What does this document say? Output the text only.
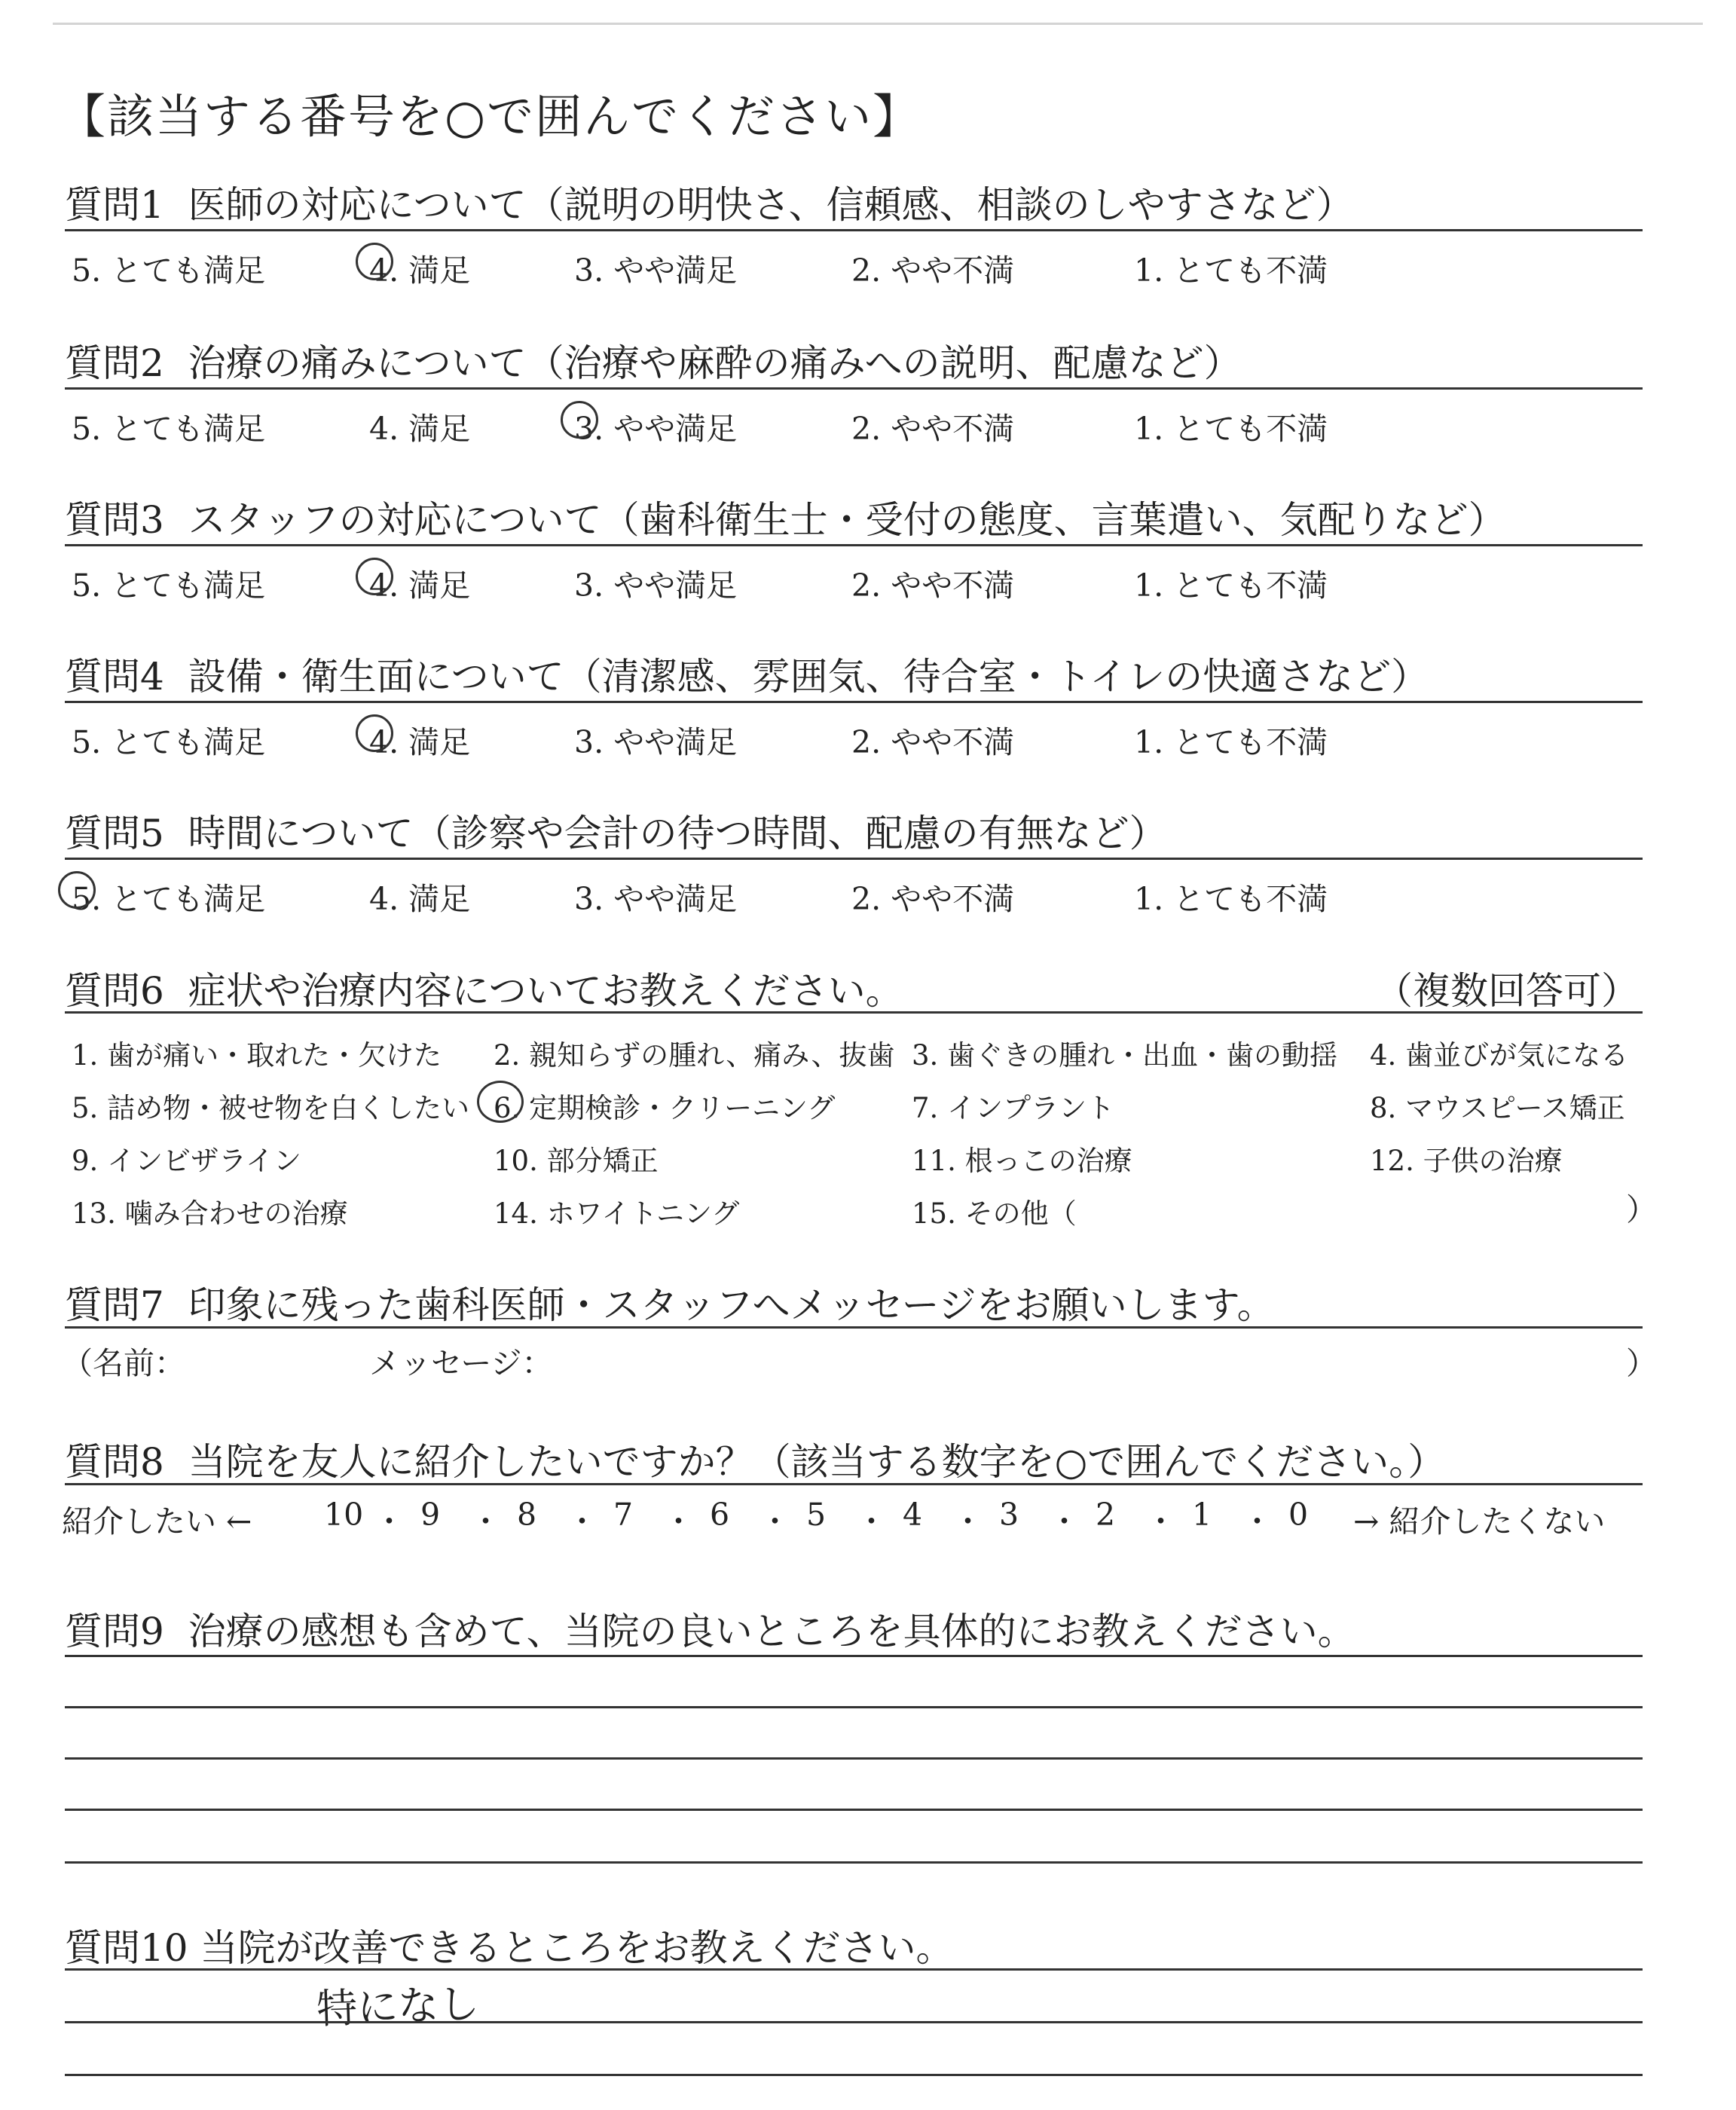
【該当する番号を○で囲んでください】
質問1 医師の対応について（説明の明快さ、信頼感、相談のしやすさなど）
5. とても満足	4. 満足	3. やや満足	2. やや不満	1. とても不満
質問2 治療の痛みについて（治療や麻酔の痛みへの説明、配慮など）
5. とても満足	4. 満足	3. やや満足	2. やや不満	1. とても不満
質問3 スタッフの対応について（歯科衛生士・受付の態度、言葉遣い、気配りなど）
5. とても満足	4. 満足	3. やや満足	2. やや不満	1. とても不満
質問4 設備・衛生面について（清潔感、雰囲気、待合室・トイレの快適さなど）
5. とても満足	4. 満足	3. やや満足	2. やや不満	1. とても不満
質問5 時間について（診察や会計の待つ時間、配慮の有無など）
5. とても満足	4. 満足	3. やや満足	2. やや不満	1. とても不満
質問6 症状や治療内容についてお教えください。	（複数回答可）
1. 歯が痛い・取れた・欠けた 2. 親知らずの腫れ、痛み、抜歯 3. 歯ぐきの腫れ・出血・歯の動揺 4. 歯並びが気になる
5. 詰め物・被せ物を白くしたい 6. 定期検診・クリーニング	7. インプラント	8. マウスピース矯正
9. インビザライン	10. 部分矯正	11. 根っこの治療	12. 子供の治療
13. 噛み合わせの治療	14. ホワイトニング	15. その他（	）
質問7 印象に残った歯科医師・スタッフへメッセージをお願いします。
（名前：	メッセージ：	）
質問8 当院を友人に紹介したいですか？（該当する数字を○で囲んでください。）
紹介したい ← 10 ・ 9 ・ 8 ・ 7 ・ 6 ・ 5 ・ 4 ・ 3 ・ 2 ・ 1 ・ 0 → 紹介したくない
質問9 治療の感想も含めて、当院の良いところを具体的にお教えください。
質問10 当院が改善できるところをお教えください。
特になし
